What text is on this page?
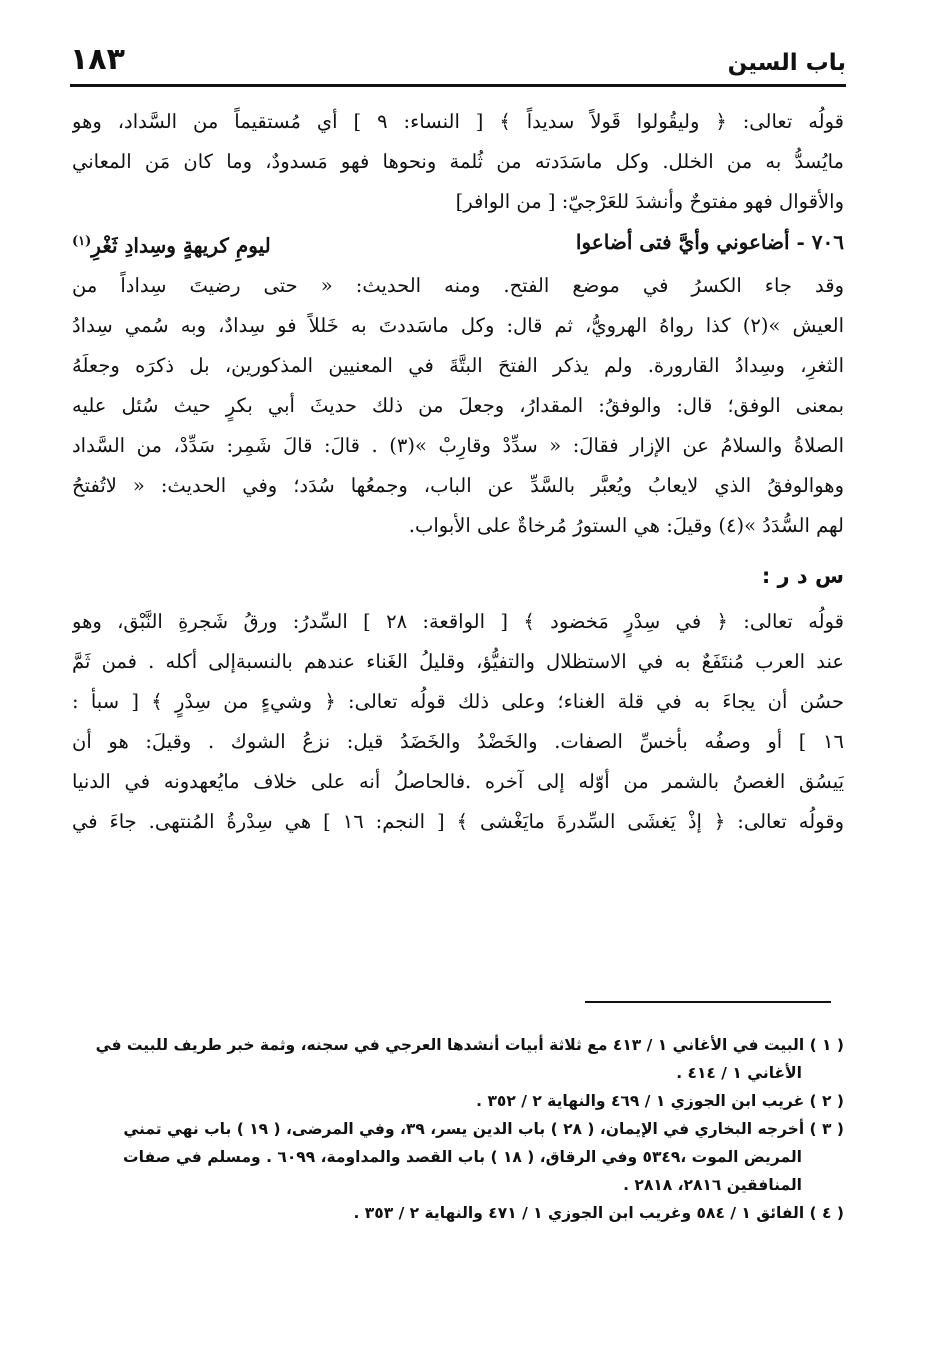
باب السين
١٨٣
قولُه تعالى: ﴿ وليقُولوا قَولاً سديداً ﴾ [ النساء: ٩ ] أي مُستقيماً من السَّداد، وهو
مايُسدُّ به من الخلل. وكل ماسَدَدته من ثُلمة ونحوها فهو مَسدودٌ، وما كان مَن المعاني
والأقوال فهو مفتوحٌ وأنشدَ للعَرْجيّ: [ من الوافر]
٧٠٦ - أضاعوني وأيَّ فتى أضاعوا
ليومِ كريهةٍ وسِدادِ ثَغْرِ$^{(١)}$
وقد جاء الكسرُ في موضع الفتح. ومنه الحديث: « حتى رضيتَ سِداداً من
العيش »(٢) كذا رواهُ الهرويُّ، ثم قال: وكل ماسَددتَ به خَللاً فو سِدادٌ، وبه سُمي سِدادُ
الثغرِ، وسِدادُ القارورة. ولم يذكر الفتحَ البتَّةَ في المعنيين المذكورين، بل ذكرَه وجعلَهُ
بمعنى الوفق؛ قال: والوفقُ: المقدارُ، وجعلَ من ذلك حديثَ أبي بكرٍ حيث سُئل عليه
الصلاةُ والسلامُ عن الإزار فقالَ: « سدِّدْ وقارِبْ »(٣) . قالَ: قالَ شَمِر: سَدِّدْ، من السَّداد
وهوالوفقُ الذي لايعابُ ويُعبَّر بالسَّدِّ عن الباب، وجمعُها سُدَد؛ وفي الحديث: « لاتُفتحُ
لهم السُّدَدُ »(٤) وقيلَ: هي الستورُ مُرخاةٌ على الأبواب.
س د ر :
قولُه تعالى: ﴿ في سِدْرٍ مَخضود ﴾ [ الواقعة: ٢٨ ] السِّدرُ: ورقُ شَجرةِ النَّبْق، وهو
عند العرب مُنتَفَعٌ به في الاستظلال والتفيُّؤ، وقليلُ الغَناء عندهم بالنسبةإلى أكله . فمن ثَمَّ
حسُن أن يجاءَ به في قلة الغناء؛ وعلى ذلك قولُه تعالى: ﴿ وشيءٍ من سِدْرٍ ﴾ [ سبأ :
١٦ ] أو وصفُه بأخسِّ الصفات. والخَضْدُ والخَضَدُ قيل: نزعُ الشوك . وقيلَ: هو أن
يَيسُق الغصنُ بالشمر من أوّله إلى آخره .فالحاصلُ أنه على خلاف مايُعهدونه في الدنيا
وقولُه تعالى: ﴿ إذْ يَغشَى السِّدرةَ مايَغْشى ﴾ [ النجم: ١٦ ] هي سِدْرةُ المُنتهى. جاءَ في
( ١ ) البيت في الأغاني ١ / ٤١٣ مع ثلاثة أبيات أنشدها العرجي في سجنه، وثمة خبر طريف للبيت في
الأغاني ١ / ٤١٤ .
( ٢ ) غريب ابن الجوزي ١ / ٤٦٩ والنهاية ٢ / ٣٥٢ .
( ٣ ) أخرجه البخاري في الإيمان، ( ٢٨ ) باب الدين يسر، ٣٩، وفي المرضى، ( ١٩ ) باب نهي تمني
المريض الموت ،٥٣٤٩ وفي الرقاق، ( ١٨ ) باب القصد والمداومة، ٦٠٩٩ . ومسلم في صفات
المنافقين ٢٨١٦، ٢٨١٨ .
( ٤ ) الفائق ١ / ٥٨٤ وغريب ابن الجوزي ١ / ٤٧١ والنهاية ٢ / ٣٥٣ .
